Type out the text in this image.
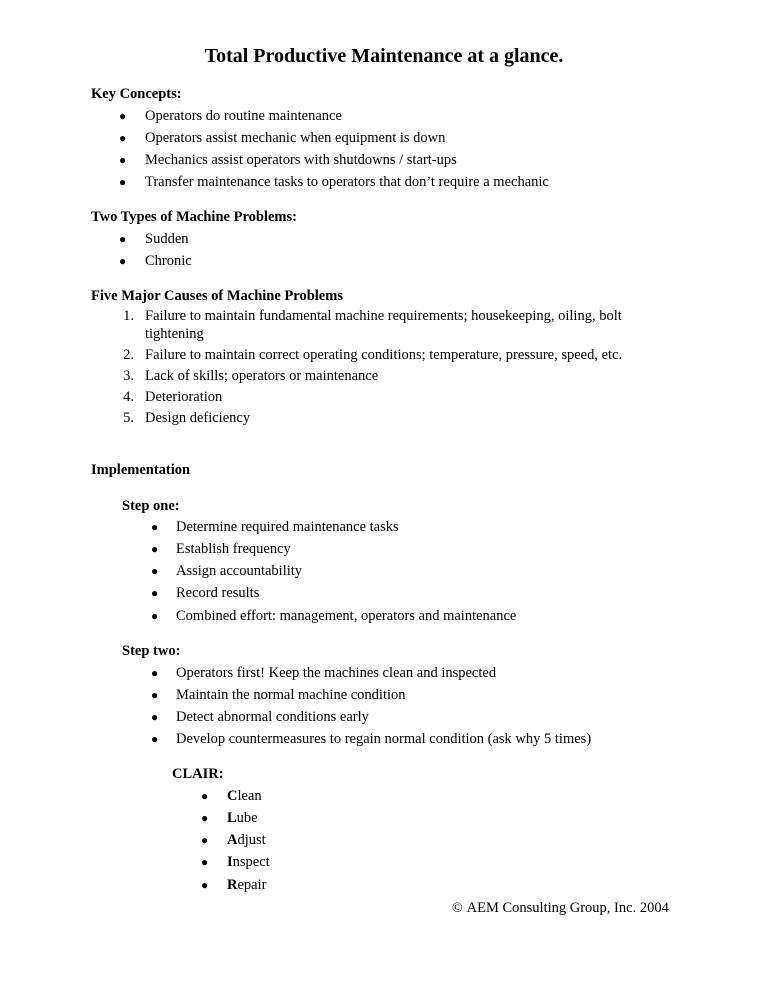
Total Productive Maintenance at a glance.
Key Concepts:
● Operators do routine maintenance
● Operators assist mechanic when equipment is down
● Mechanics assist operators with shutdowns / start-ups
● Transfer maintenance tasks to operators that don’t require a mechanic
Two Types of Machine Problems:
● Sudden
● Chronic
Five Major Causes of Machine Problems
1. Failure to maintain fundamental machine requirements; housekeeping, oiling, bolt
tightening
2. Failure to maintain correct operating conditions; temperature, pressure, speed, etc.
3. Lack of skills; operators or maintenance
4. Deterioration
5. Design deficiency
Implementation
Step one:
● Determine required maintenance tasks
● Establish frequency
● Assign accountability
● Record results
● Combined effort: management, operators and maintenance
Step two:
● Operators first! Keep the machines clean and inspected
● Maintain the normal machine condition
● Detect abnormal conditions early
● Develop countermeasures to regain normal condition (ask why 5 times)
CLAIR:
● Clean
● Lube
● Adjust
● Inspect
● Repair
© AEM Consulting Group, Inc. 2004
